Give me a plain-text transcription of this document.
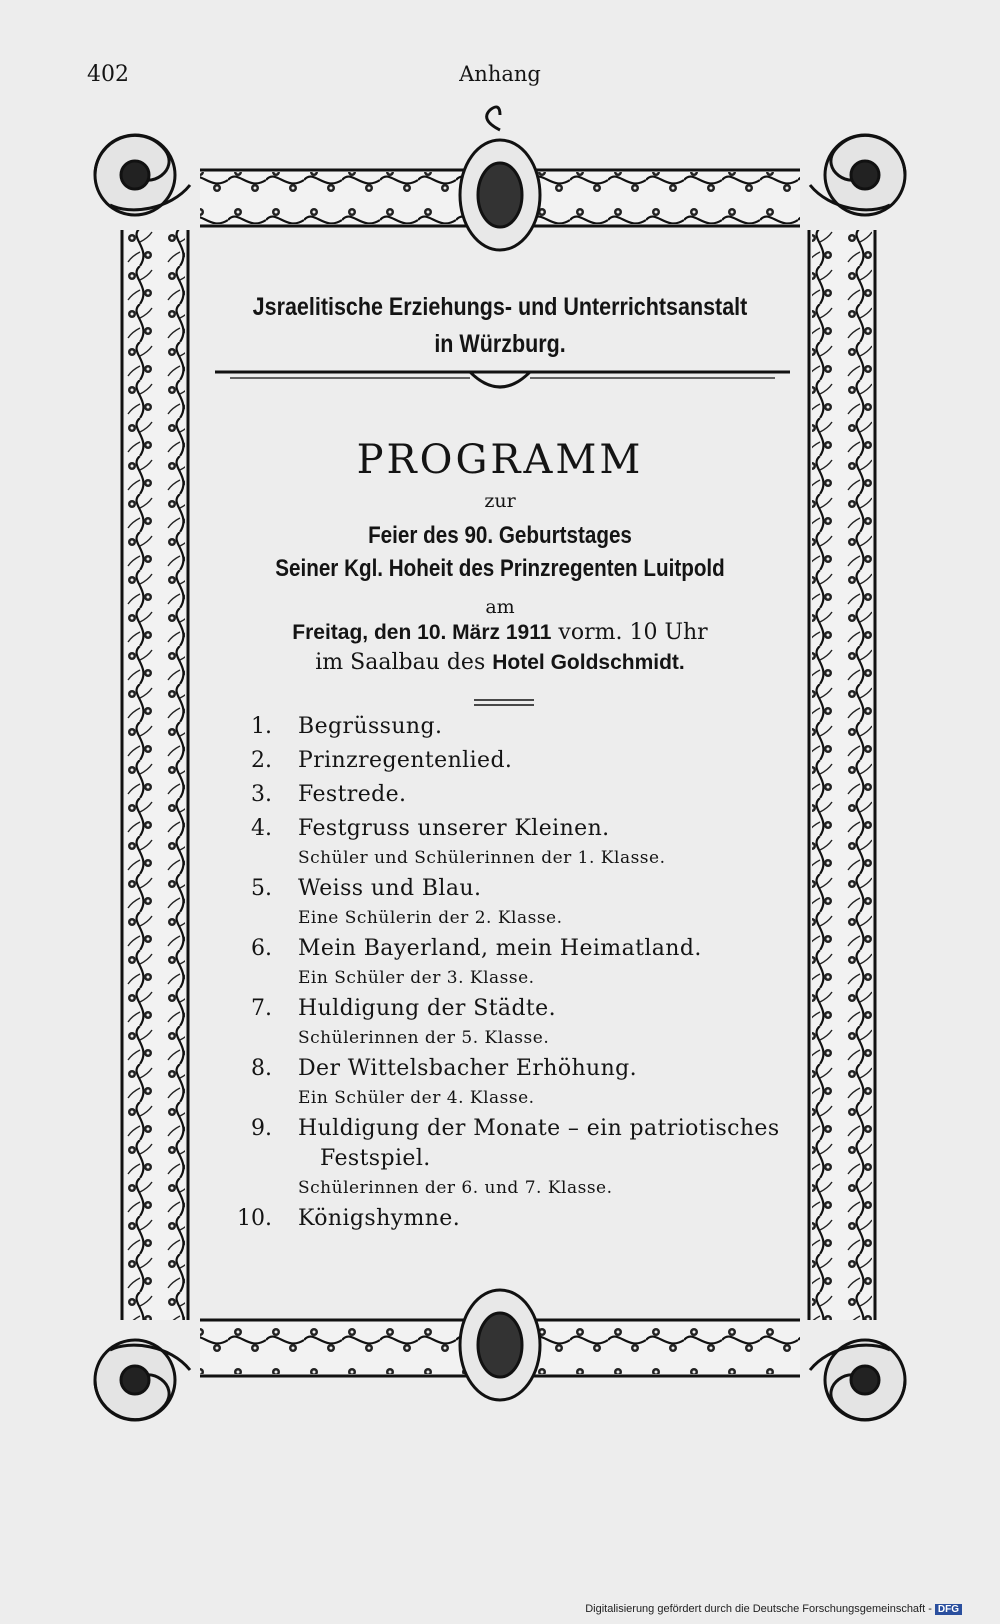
402	Anhang
Jsraelitische Erziehungs- und Unterrichtsanstalt
in Würzburg.
PROGRAMM
zur
Feier des 90. Geburtstages
Seiner Kgl. Hoheit des Prinzregenten Luitpold
am
Freitag, den 10. März 1911 vorm. 10 Uhr
im Saalbau des Hotel Goldschmidt.
1. Begrüssung.
2. Prinzregentenlied.
3. Festrede.
4. Festgruss unserer Kleinen.
Schüler und Schülerinnen der 1. Klasse.
5. Weiss und Blau.
Eine Schülerin der 2. Klasse.
6. Mein Bayerland, mein Heimatland.
Ein Schüler der 3. Klasse.
7. Huldigung der Städte.
Schülerinnen der 5. Klasse.
8. Der Wittelsbacher Erhöhung.
Ein Schüler der 4. Klasse.
9. Huldigung der Monate – ein patriotisches
Festspiel.
Schülerinnen der 6. und 7. Klasse.
10. Königshymne.
Digitalisierung gefördert durch die Deutsche Forschungsgemeinschaft - DFG
